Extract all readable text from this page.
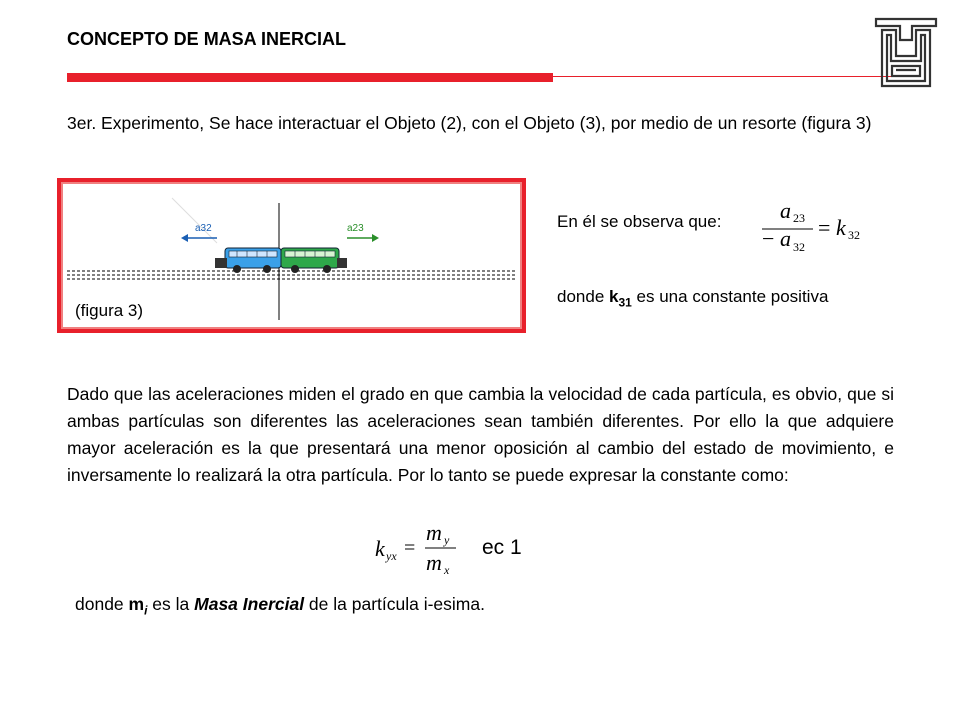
CONCEPTO DE MASA INERCIAL
3er. Experimento, Se hace interactuar el Objeto (2), con el Objeto (3), por medio de un resorte (figura 3)
a32	a23
(figura 3)
En él se observa que:	a 23
− a 32
= k 32
donde $k_{31}$ es una constante positiva
Dado que las aceleraciones miden el grado en que cambia la velocidad de cada partícula, es obvio, que si ambas partículas son diferentes las aceleraciones sean también diferentes. Por ello la que adquiere mayor aceleración es la que presentará una menor oposición al cambio del estado de movimiento, e inversamente lo realizará la otra partícula. Por lo tanto se puede expresar la constante como:
k yx =
m y
m x
ec 1
donde $m_i$ es la Masa Inercial de la partícula i-esima.
